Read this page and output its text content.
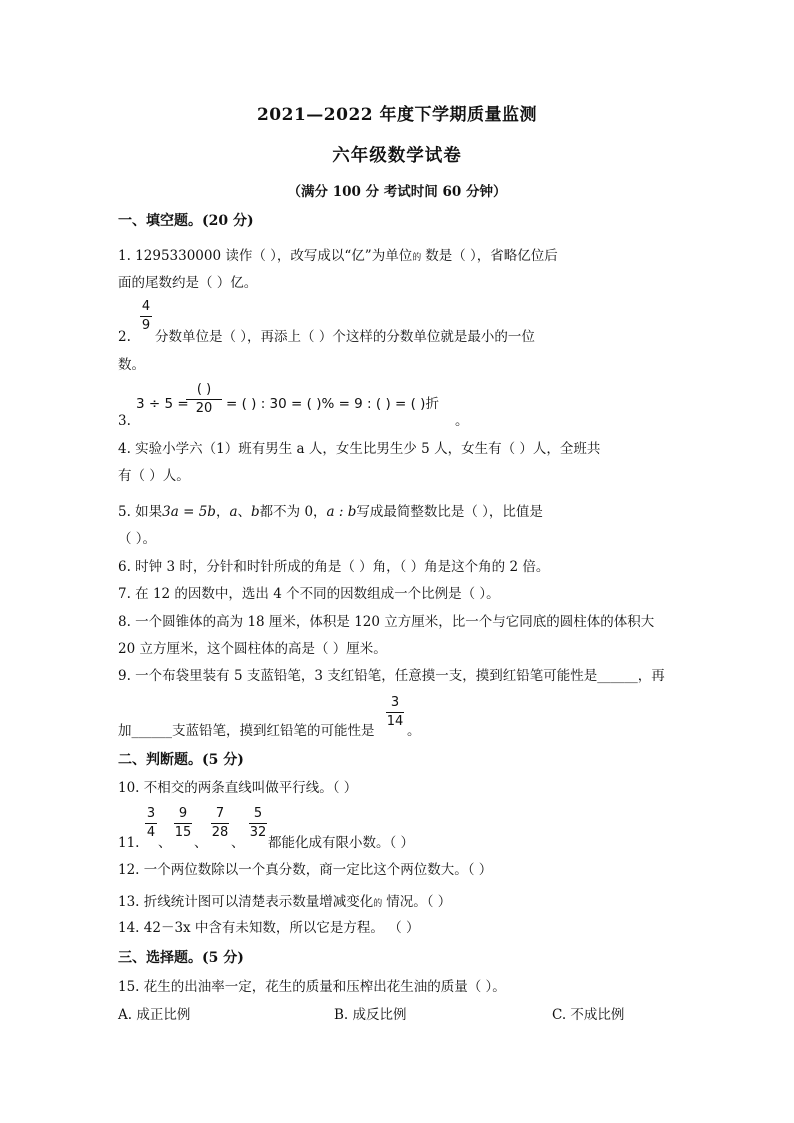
2021—2022 年度下学期质量监测
六年级数学试卷
（满分 100 分 考试时间 60 分钟）
一、填空题。(20 分)
1. 1295330000 读作（ ），改写成以“亿”为单位 的 数是（ ），省略亿位后
面的尾数约是（ ）亿。
4
9
2. 分数单位是（ ），再添上（ ）个这样的分数单位就是最小的一位
数。
3.
3 ÷ 5 =
( )
20	= ( ) : 30 = ( )% = 9 : ( ) = ( )折
。
4. 实验小学六（1）班有男生 a 人，女生比男生少 5 人，女生有（ ）人，全班共
有（ ）人。
5. 如果3a = 5b，a、b都不为 0，a : b写成最简整数比是（ ），比值是
（ ）。
6. 时钟 3 时，分针和时针所成的角是（ ）角，（ ）角是这个角的 2 倍。
7. 在 12 的因数中，选出 4 个不同的因数组成一个比例是（ ）。
8. 一个圆锥体的高为 18 厘米，体积是 120 立方厘米，比一个与它同底的圆柱体的体积大
20 立方厘米，这个圆柱体的高是（ ）厘米。
9. 一个布袋里装有 5 支蓝铅笔，3 支红铅笔，任意摸一支，摸到红铅笔可能性是______，再
加______支蓝铅笔，摸到红铅笔的可能性是
3
14
。
二、判断题。(5 分)
10. 不相交的两条直线叫做平行线。（ ）
11.
3
4
、
9
15
、
7
28
、
5
32
都能化成有限小数。（ ）
12. 一个两位数除以一个真分数，商一定比这个两位数大。（ ）
13. 折线统计图可以清楚表示数量增减变化 的 情况。（ ）
14. 42－3x 中含有未知数，所以它是方程。 （ ）
三、选择题。(5 分)
15. 花生的出油率一定，花生的质量和压榨出花生油的质量（ ）。
A. 成正比例	B. 成反比例	C. 不成比例
